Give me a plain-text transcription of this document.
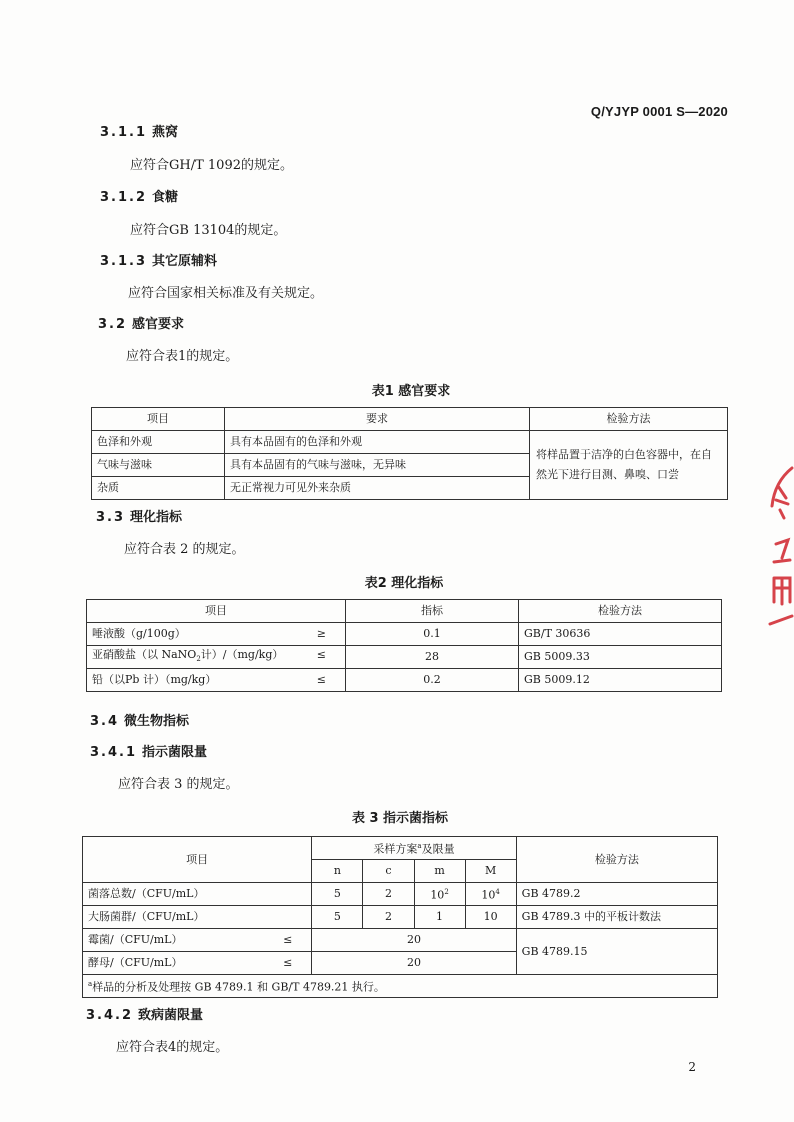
Q/YJYP 0001 S—2020
3.1.1 燕窝
应符合GH/T 1092的规定。
3.1.2 食糖
应符合GB 13104的规定。
3.1.3 其它原辅料
应符合国家相关标准及有关规定。
3.2 感官要求
应符合表1的规定。
表1 感官要求
项目	要求	检验方法
色泽和外观	具有本品固有的色泽和外观	将样品置于洁净的白色容器中，在自然光下进行目测、鼻嗅、口尝
气味与滋味	具有本品固有的气味与滋味，无异味	
杂质	无正常视力可见外来杂质	
3.3 理化指标
应符合表 2 的规定。
表2 理化指标
项目	指标	检验方法
唾液酸（g/100g） ≥	0.1	GB/T 30636
亚硝酸盐（以 NaNO$_2$计）/（mg/kg） ≤	28	GB 5009.33
铅（以Pb 计）（mg/kg） ≤	0.2	GB 5009.12
3.4 微生物指标
3.4.1 指示菌限量
应符合表 3 的规定。
表 3 指示菌指标
项目	采样方案$^a$及限量				检验方法
	n	c	m	M	
菌落总数/（CFU/mL）	5	2	$10^2$	$10^4$	GB 4789.2
大肠菌群/（CFU/mL）	5	2	1	10	GB 4789.3 中的平板计数法
霉菌/（CFU/mL） ≤	20				GB 4789.15
酵母/（CFU/mL） ≤	20				
$^a$样品的分析及处理按 GB 4789.1 和 GB/T 4789.21 执行。					
3.4.2 致病菌限量
应符合表4的规定。
2
